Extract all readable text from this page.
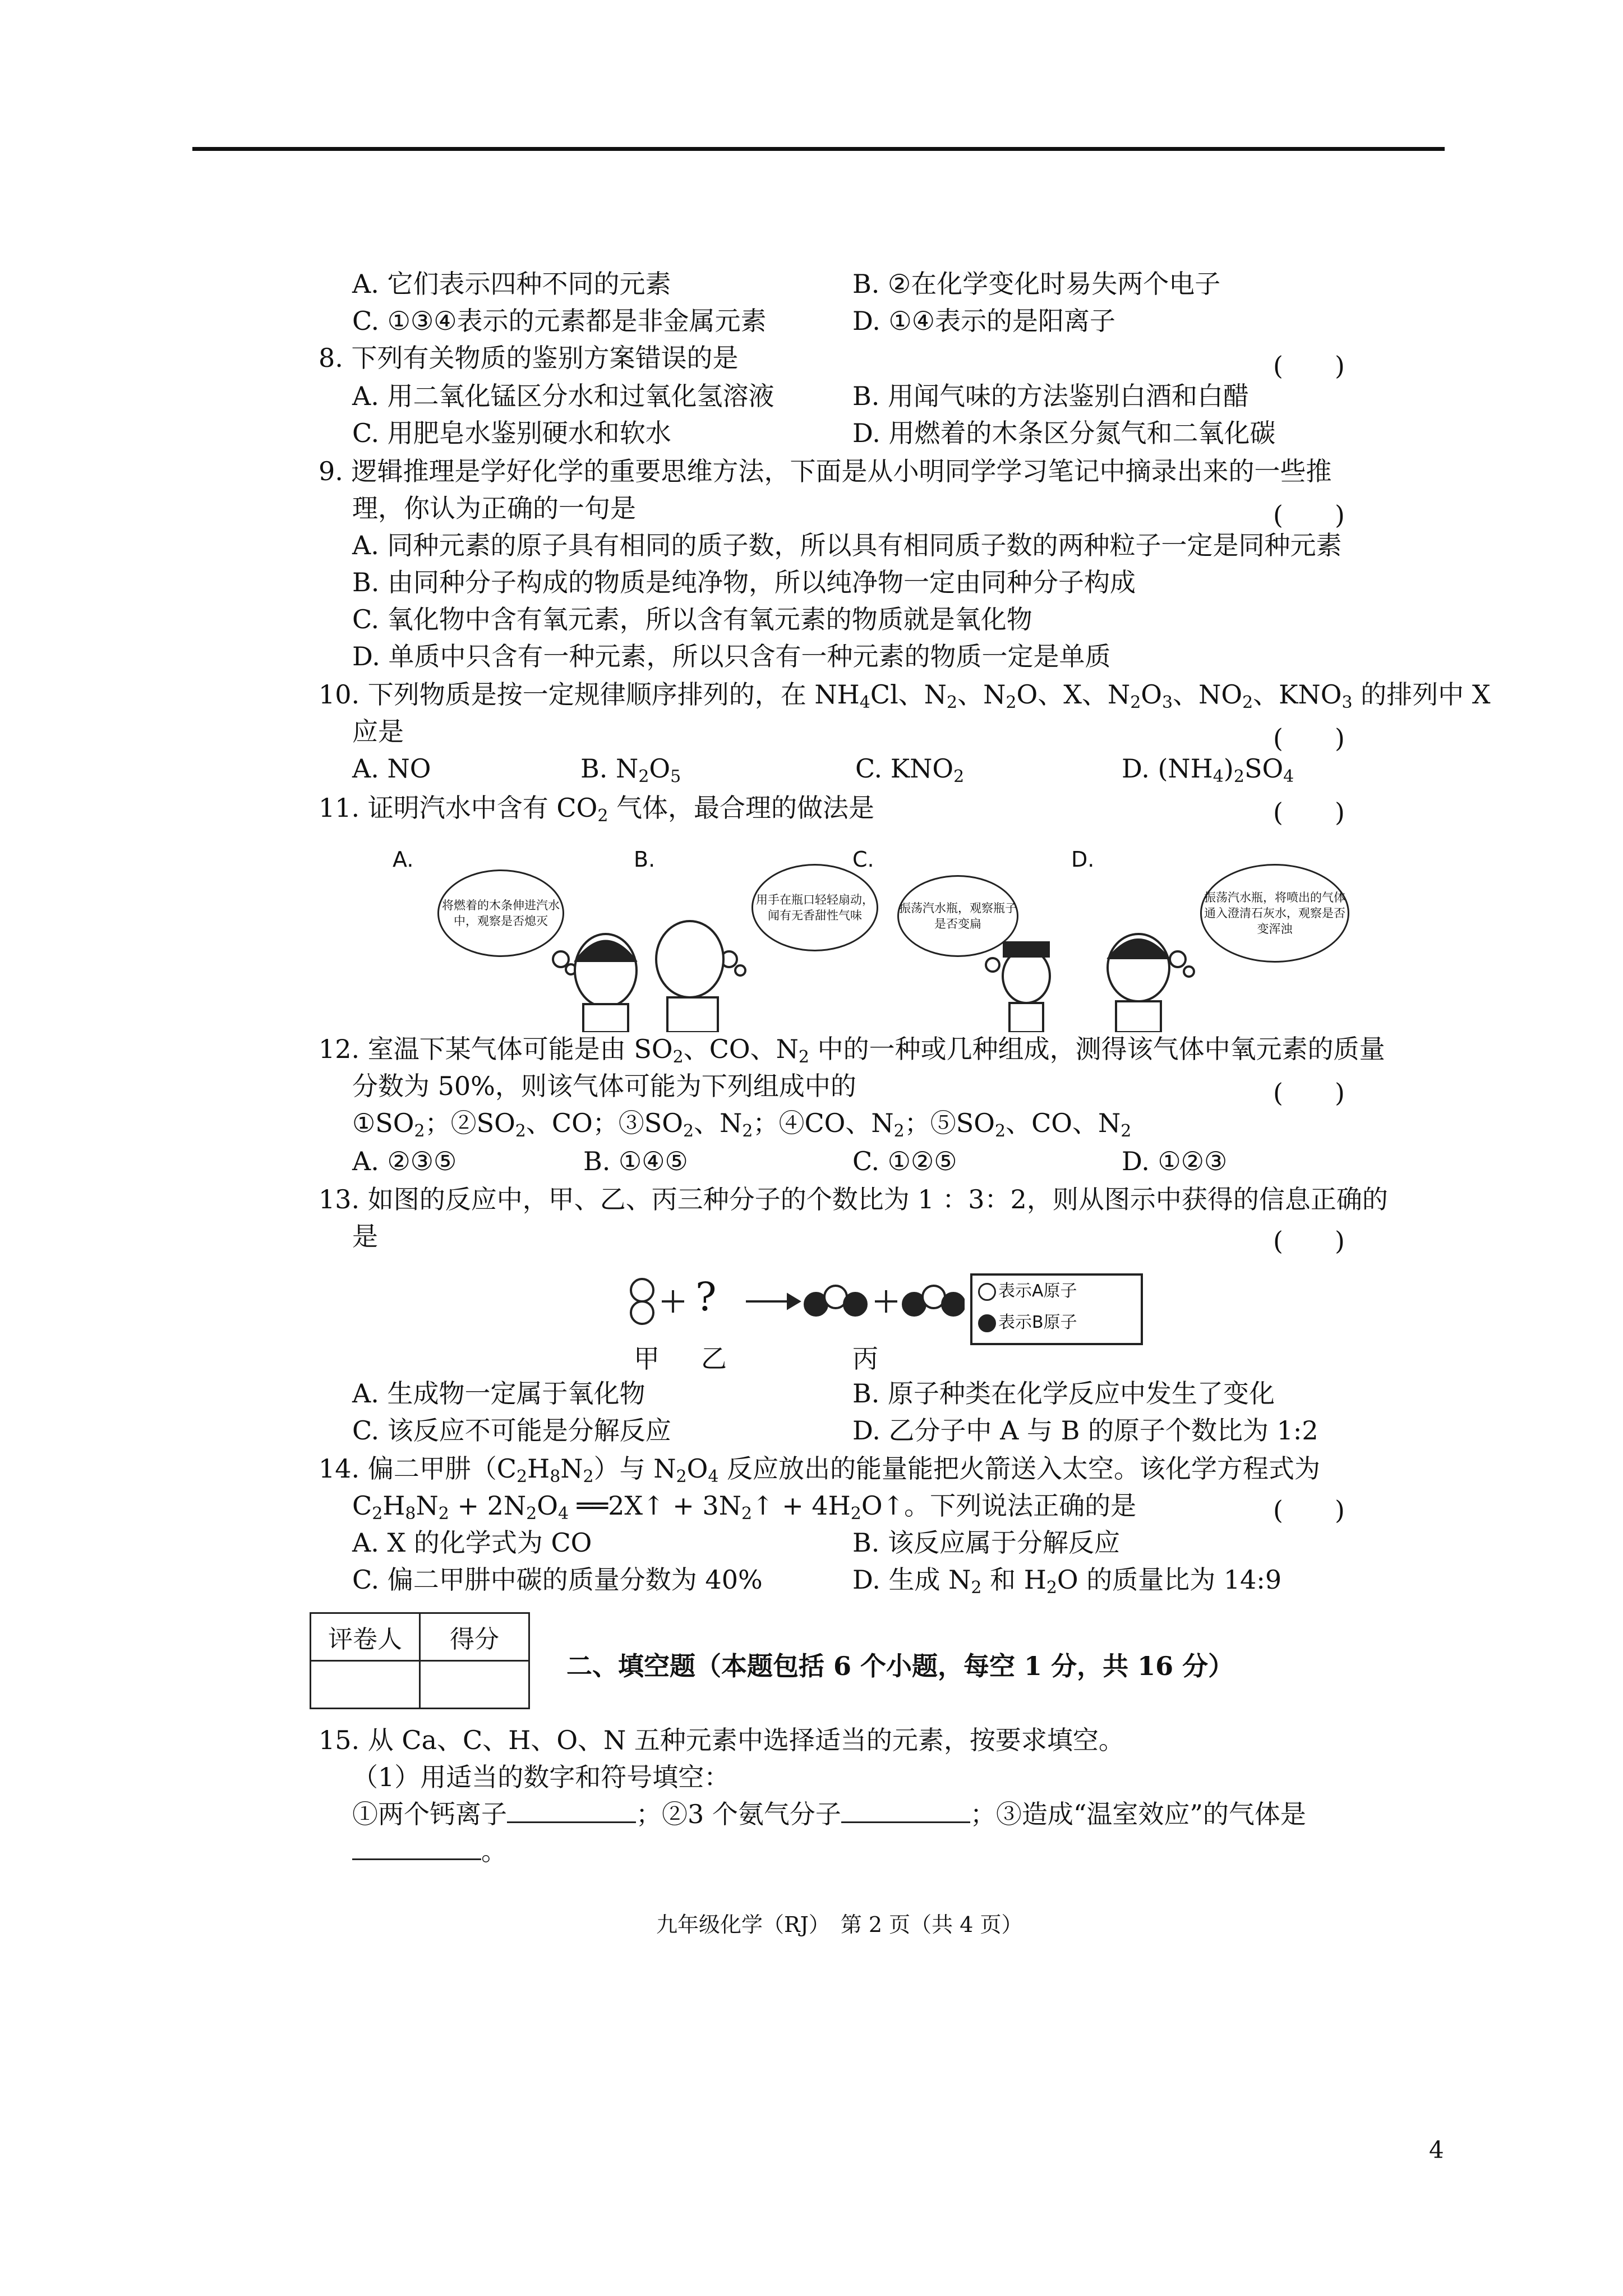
A. 它们表示四种不同的元素	B. ②在化学变化时易失两个电子
C. ①③④表示的元素都是非金属元素	D. ①④表示的是阳离子
8. 下列有关物质的鉴别方案错误的是	(　　)
A. 用二氧化锰区分水和过氧化氢溶液	B. 用闻气味的方法鉴别白酒和白醋
C. 用肥皂水鉴别硬水和软水	D. 用燃着的木条区分氮气和二氧化碳
9. 逻辑推理是学好化学的重要思维方法，下面是从小明同学学习笔记中摘录出来的一些推
理，你认为正确的一句是	(　　)
A. 同种元素的原子具有相同的质子数，所以具有相同质子数的两种粒子一定是同种元素
B. 由同种分子构成的物质是纯净物，所以纯净物一定由同种分子构成
C. 氧化物中含有氧元素，所以含有氧元素的物质就是氧化物
D. 单质中只含有一种元素，所以只含有一种元素的物质一定是单质
10. 下列物质是按一定规律顺序排列的，在 $NH_4Cl$、$N_2$、$N_2O$、X、$N_2O_3$、$NO_2$、$KNO_3$ 的排列中 X
应是	(　　)
A. NO	B. $N_2O_5$	C. $KNO_2$	D. $(NH_4)_2SO_4$
11. 证明汽水中含有 $CO_2$ 气体，最合理的做法是	(　　)
A.	B.	C.	D.
将燃着的木条伸进汽水中，观察是否熄灭
用手在瓶口轻轻扇动，闻有无香甜性气味
振荡汽水瓶，观察瓶子是否变扁
振荡汽水瓶，将喷出的气体通入澄清石灰水，观察是否变浑浊
12. 室温下某气体可能是由 $SO_2$、CO、$N_2$ 中的一种或几种组成，测得该气体中氧元素的质量
分数为 50%，则该气体可能为下列组成中的
$①SO_2$；$②SO_2$、CO；$③SO_2$、$N_2$；④CO、$N_2$；$⑤SO_2$、CO、$N_2$
(　　)
A. ②③⑤	B. ①④⑤	C. ①②⑤	D. ①②③
13. 如图的反应中，甲、乙、丙三种分子的个数比为 1 ：3：2，则从图示中获得的信息正确的
是	(　　)
?
甲 乙	丙
表示A原子
表示B原子
A. 生成物一定属于氧化物	B. 原子种类在化学反应中发生了变化
C. 该反应不可能是分解反应	D. 乙分子中 A 与 B 的原子个数比为 1:2
14. 偏二甲肼$(C_2H_8N_2)$与 $N_2O_4$ 反应放出的能量能把火箭送入太空。该化学方程式为
$C_2H_8N_2 + 2N_2O_4$ ══2X↑ + $3N_2↑$ + $4H_2O↑$。下列说法正确的是	(　　)
A. X 的化学式为 CO	B. 该反应属于分解反应
C. 偏二甲肼中碳的质量分数为 40%	D. 生成 $N_2$ 和 $H_2O$ 的质量比为 14:9
评卷人	得分

二、填空题（本题包括 6 个小题，每空 1 分，共 16 分）
15. 从 Ca、C、H、O、N 五种元素中选择适当的元素，按要求填空。
（1）用适当的数字和符号填空：
①两个钙离子	；②3 个氨气分子	；③造成“温室效应”的气体是
。
九年级化学（RJ）　第 2 页（共 4 页）
4
